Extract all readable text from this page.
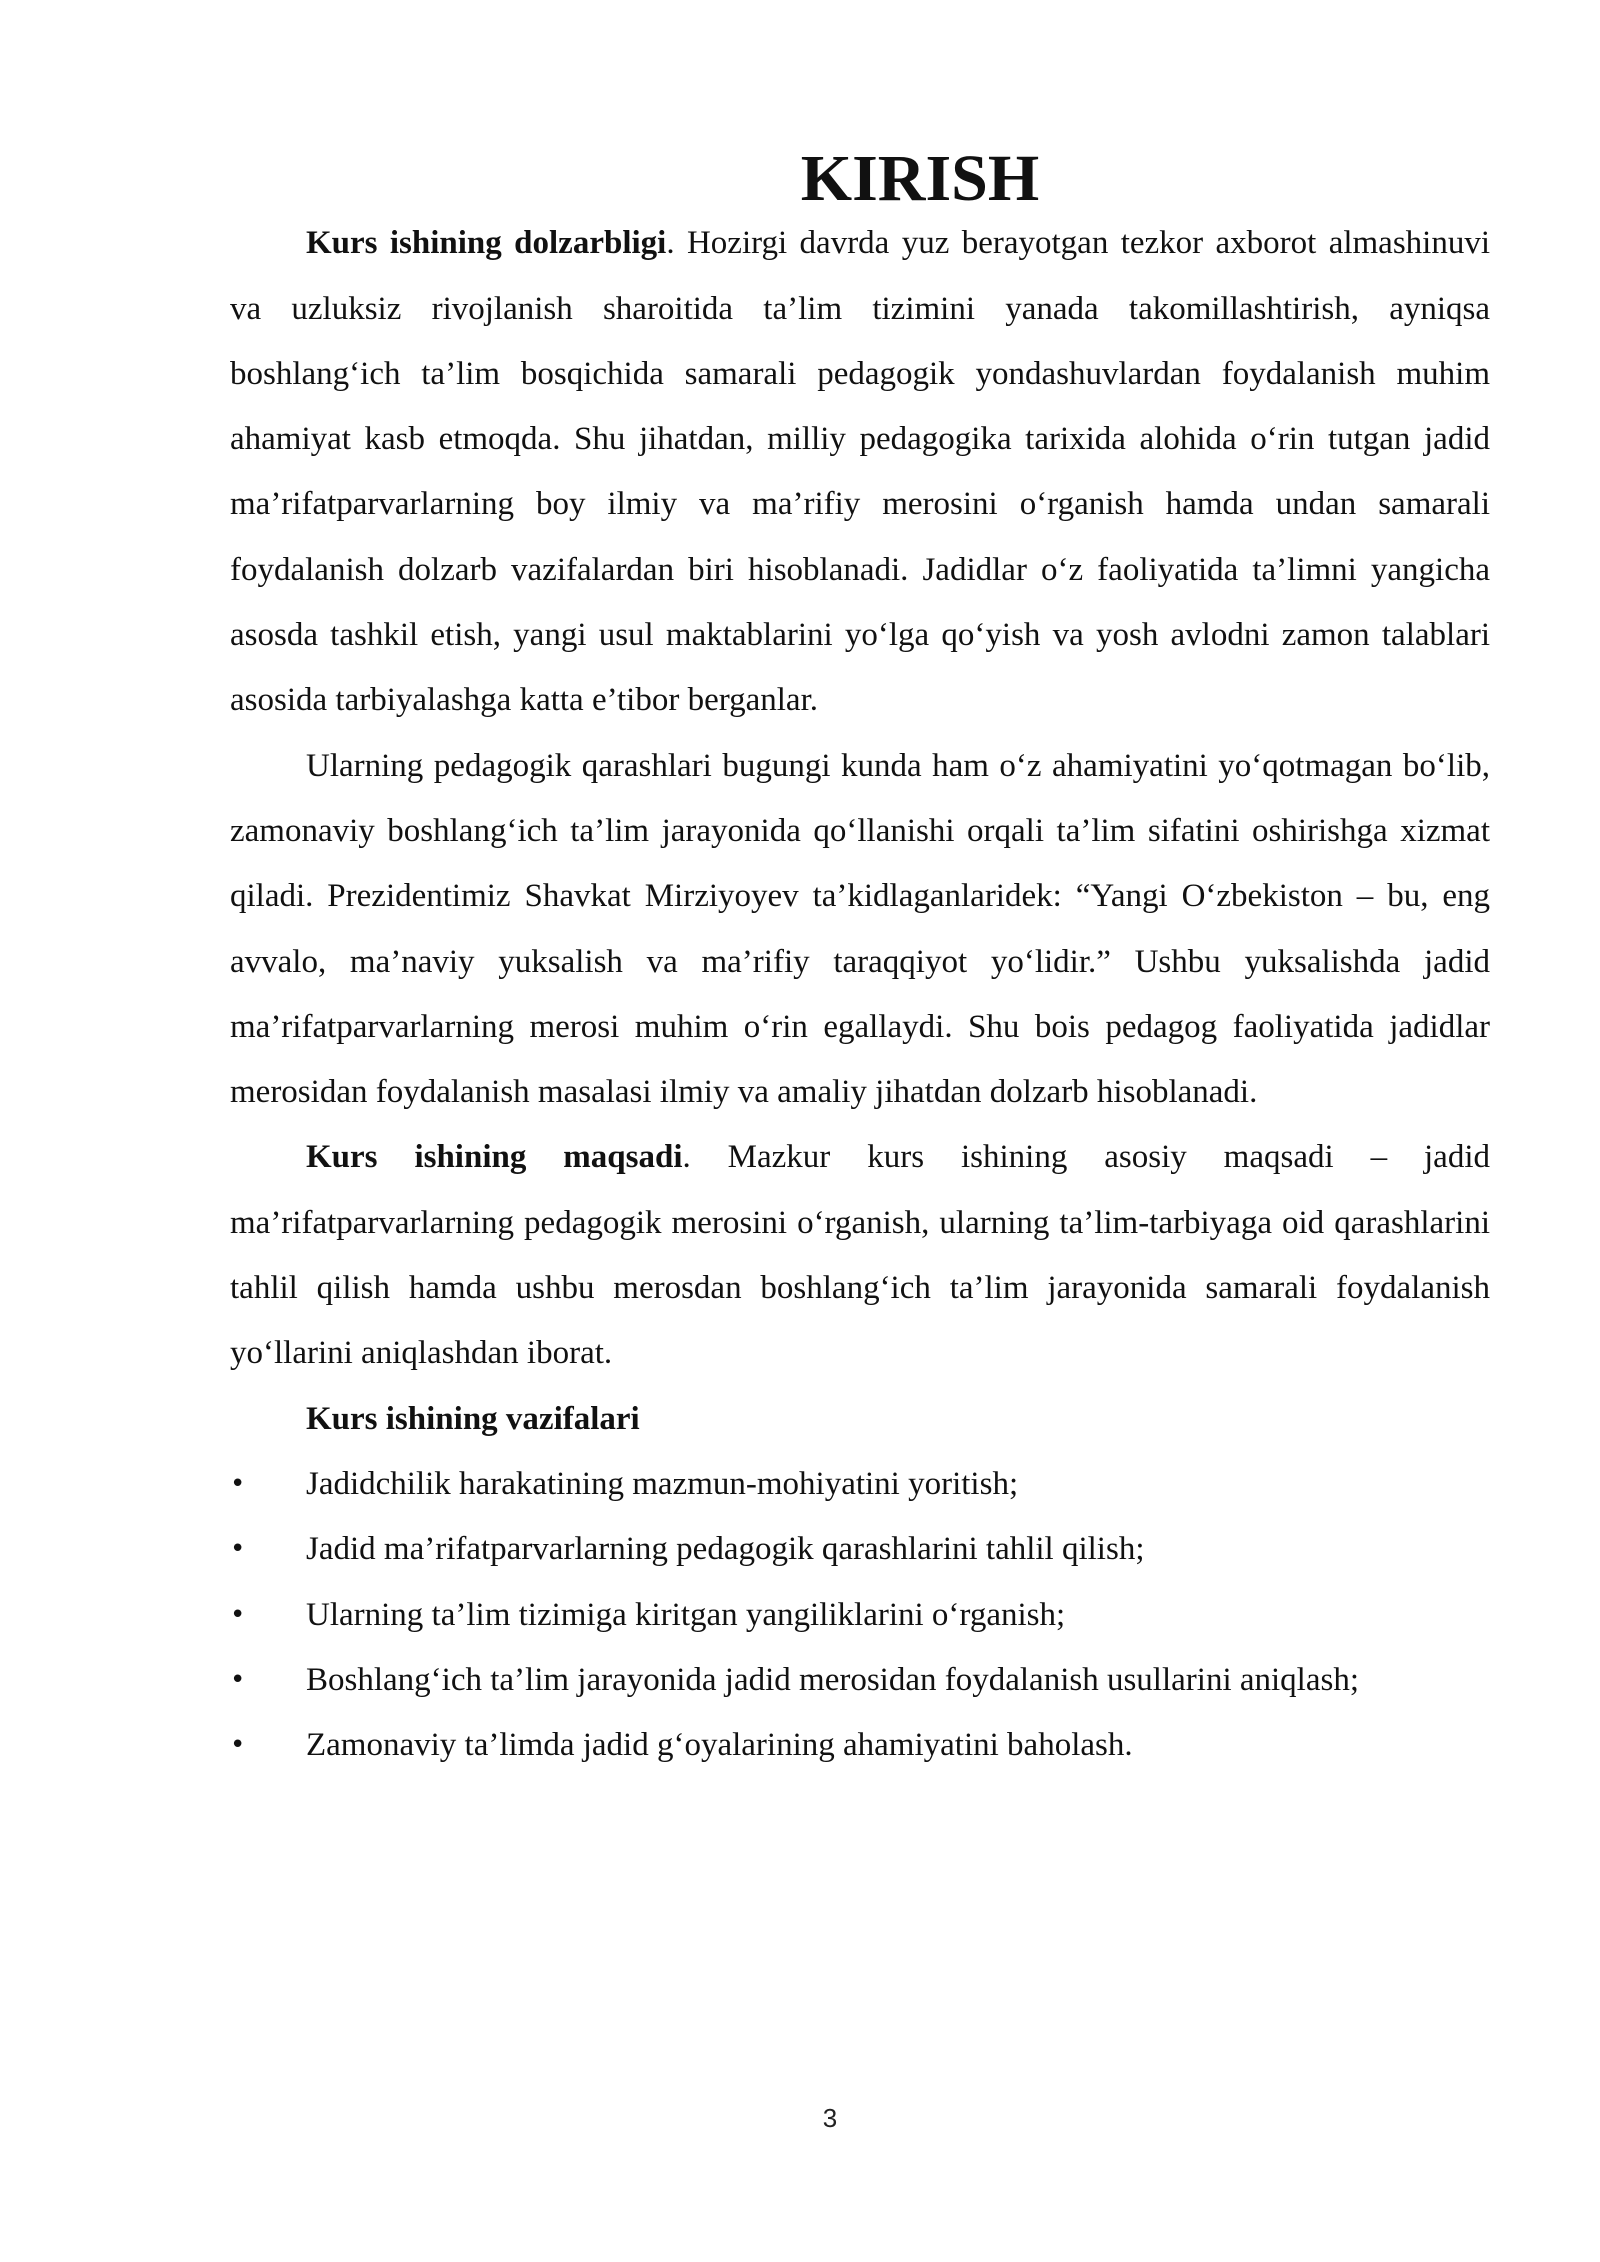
KIRISH

Kurs ishining dolzarbligi. Hozirgi davrda yuz berayotgan tezkor axborot almashinuvi va uzluksiz rivojlanish sharoitida ta’lim tizimini yanada takomillashtirish, ayniqsa boshlang‘ich ta’lim bosqichida samarali pedagogik yondashuvlardan foydalanish muhim ahamiyat kasb etmoqda. Shu jihatdan, milliy pedagogika tarixida alohida o‘rin tutgan jadid ma’rifatparvarlarning boy ilmiy va ma’rifiy merosini o‘rganish hamda undan samarali foydalanish dolzarb vazifalardan biri hisoblanadi. Jadidlar o‘z faoliyatida ta’limni yangicha asosda tashkil etish, yangi usul maktablarini yo‘lga qo‘yish va yosh avlodni zamon talablari asosida tarbiyalashga katta e’tibor berganlar.

Ularning pedagogik qarashlari bugungi kunda ham o‘z ahamiyatini yo‘qotmagan bo‘lib, zamonaviy boshlang‘ich ta’lim jarayonida qo‘llanishi orqali ta’lim sifatini oshirishga xizmat qiladi. Prezidentimiz Shavkat Mirziyoyev ta’kidlaganlaridek: “Yangi O‘zbekiston – bu, eng avvalo, ma’naviy yuksalish va ma’rifiy taraqqiyot yo‘lidir.” Ushbu yuksalishda jadid ma’rifatparvarlarning merosi muhim o‘rin egallaydi. Shu bois pedagog faoliyatida jadidlar merosidan foydalanish masalasi ilmiy va amaliy jihatdan dolzarb hisoblanadi.

Kurs ishining maqsadi. Mazkur kurs ishining asosiy maqsadi – jadid ma’rifatparvarlarning pedagogik merosini o‘rganish, ularning ta’lim-tarbiyaga oid qarashlarini tahlil qilish hamda ushbu merosdan boshlang‘ich ta’lim jarayonida samarali foydalanish yo‘llarini aniqlashdan iborat.

Kurs ishining vazifalari
•	Jadidchilik harakatining mazmun-mohiyatini yoritish;
•	Jadid ma’rifatparvarlarning pedagogik qarashlarini tahlil qilish;
•	Ularning ta’lim tizimiga kiritgan yangiliklarini o‘rganish;
•	Boshlang‘ich ta’lim jarayonida jadid merosidan foydalanish usullarini aniqlash;
•	Zamonaviy ta’limda jadid g‘oyalarining ahamiyatini baholash.
3
